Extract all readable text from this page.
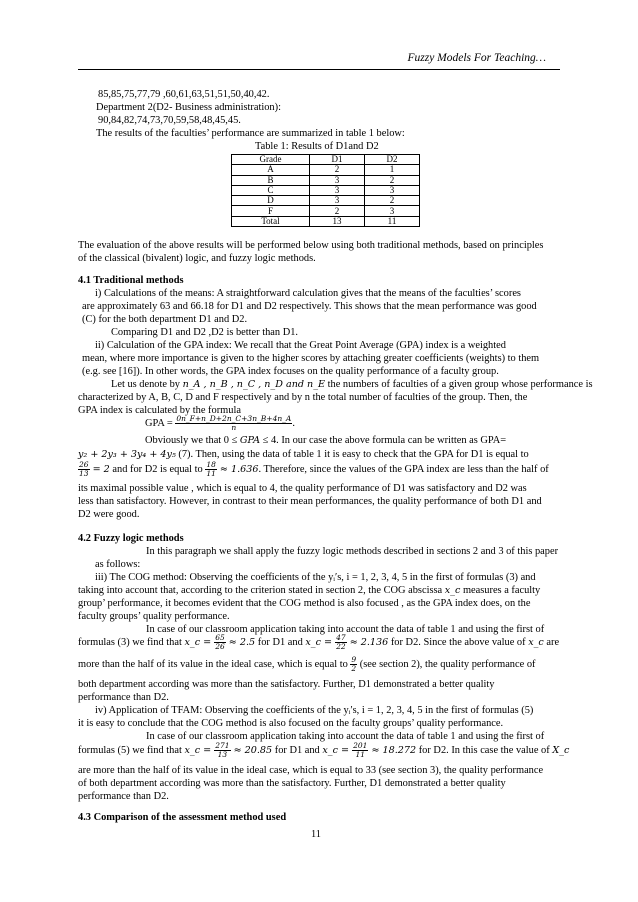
Fuzzy Models For Teaching…
85,85,75,77,79 ,60,61,63,51,51,50,40,42.
Department 2(D2- Business administration):
90,84,82,74,73,70,59,58,48,45,45.
The results of the faculties’ performance are summarized in table 1 below:
Table 1: Results of D1and D2
Grade	D1	D2
A	2	1
B	3	2
C	3	3
D	3	2
F	2	3
Total	13	11
The evaluation of the above results will be performed below using both traditional methods, based on principles
of the classical (bivalent) logic, and fuzzy logic methods.
4.1 Traditional methods
i) Calculations of the means: A straightforward calculation gives that the means of the faculties’ scores
are approximately 63 and 66.18 for D1 and D2 respectively. This shows that the mean performance was good
(C) for the both department D1 and D2.
Comparing D1 and D2 ,D2 is better than D1.
ii) Calculation of the GPA index: We recall that the Great Point Average (GPA) index is a weighted
mean, where more importance is given to the higher scores by attaching greater coefficients (weights) to them
(e.g. see [16]). In other words, the GPA index focuses on the quality performance of a faculty group.
Let us denote by n_A , n_B , n_C , n_D and n_E the numbers of faculties of a given group whose performance is
characterized by A, B, C, D and F respectively and by n the total number of faculties of the group. Then, the
GPA index is calculated by the formula
GPA = $\frac{0n\_F+n\_D+2n\_C+3n\_B+4n\_A}{n}$ .
Obviously we that 0 ≤ GPA ≤ 4. In our case the above formula can be written as GPA=
y₂ + 2y₃ + 3y₄ + 4y₅ (7). Then, using the data of table 1 it is easy to check that the GPA for D1 is equal to
$\frac{26}{13} = 2$ and for D2 is equal to $\frac{18}{11} \approx 1.636$. Therefore, since the values of the GPA index are less than the half of
its maximal possible value , which is equal to 4, the quality performance of D1 was satisfactory and D2 was
less than satisfactory. However, in contrast to their mean performances, the quality performance of both D1 and
D2 were good.
4.2 Fuzzy logic methods
In this paragraph we shall apply the fuzzy logic methods described in sections 2 and 3 of this paper
as follows:
iii) The COG method: Observing the coefficients of the yᵢ′s, i = 1, 2, 3, 4, 5 in the first of formulas (3) and
taking into account that, according to the criterion stated in section 2, the COG abscissa x_c measures a faculty
group’ performance, it becomes evident that the COG method is also focused , as the GPA index does, on the
faculty groups’ quality performance.
In case of our classroom application taking into account the data of table 1 and using the first of
formulas (3) we find that x_c = $\frac{65}{26} \approx 2.5$ for D1 and x_c = $\frac{47}{22} \approx 2.136$ for D2. Since the above value of x_c are
more than the half of its value in the ideal case, which is equal to $\frac{9}{2} (see$ section 2), the quality performance of
both department according was more than the satisfactory. Further, D1 demonstrated a better quality
performance than D2.
iv) Application of TFAM: Observing the coefficients of the yᵢ′s, i = 1, 2, 3, 4, 5 in the first of formulas (5)
it is easy to conclude that the COG method is also focused on the faculty groups’ quality performance.
In case of our classroom application taking into account the data of table 1 and using the first of
formulas (5) we find that x_c = $\frac{271}{13} \approx 20.85$ for D1 and x_c = $\frac{201}{11} \approx 18.272$ for D2. In this case the value of X_c
are more than the half of its value in the ideal case, which is equal to 33 (see section 3), the quality performance
of both department according was more than the satisfactory. Further, D1 demonstrated a better quality
performance than D2.
4.3 Comparison of the assessment method used
11
